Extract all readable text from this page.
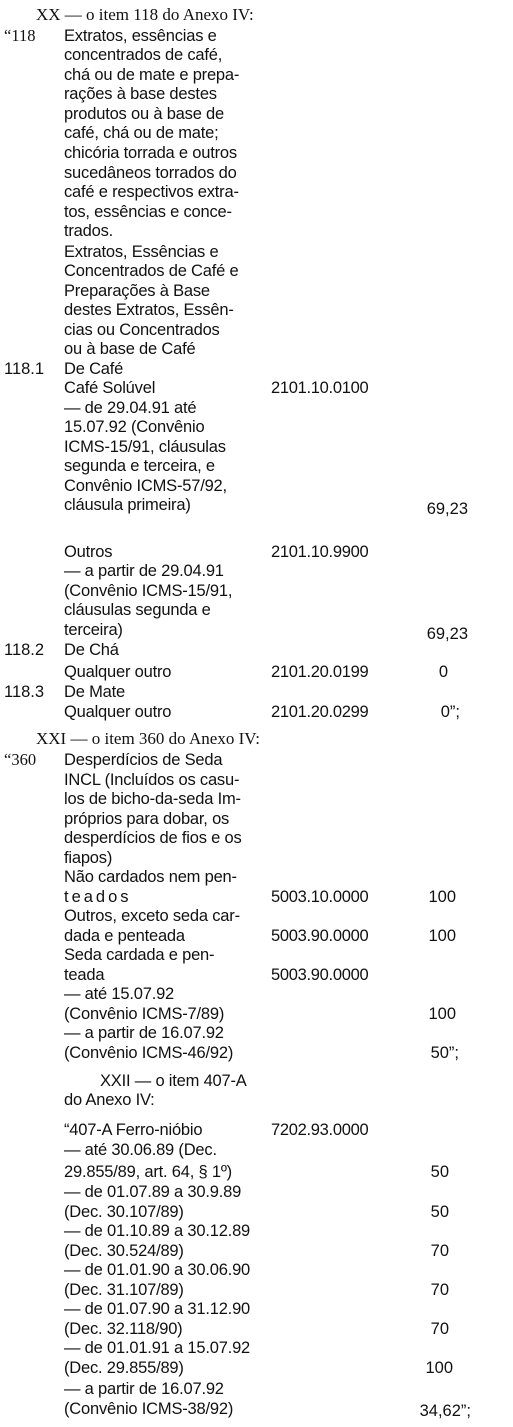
XX — o item 118 do Anexo IV:
“118 Extratos, essências e
concentrados de café,
chá ou de mate e prepa-
rações à base destes
produtos ou à base de
café, chá ou de mate;
chicória torrada e outros
sucedâneos torrados do
café e respectivos extra-
tos, essências e conce-
trados.
Extratos, Essências e
Concentrados de Café e
Preparações à Base
destes Extratos, Essên-
cias ou Concentrados
ou à base de Café
118.1 De Café
Café Solúvel	2101.10.0100
— de 29.04.91 até
15.07.92 (Convênio
ICMS-15/91, cláusulas
segunda e terceira, e
Convênio ICMS-57/92,
cláusula primeira)	69,23
Outros	2101.10.9900
— a partir de 29.04.91
(Convênio ICMS-15/91,
cláusulas segunda e
terceira)	69,23
118.2 De Chá
Qualquer outro	2101.20.0199	0
118.3 De Mate
Qualquer outro	2101.20.0299	0”;
XXI — o item 360 do Anexo IV:
“360 Desperdícios de Seda
INCL (Incluídos os casu-
los de bicho-da-seda Im-
próprios para dobar, os
desperdícios de fios e os
fiapos)
Não cardados nem pen-
teados	5003.10.0000	100
Outros, exceto seda car-
dada e penteada	5003.90.0000	100
Seda cardada e pen-
teada	5003.90.0000
— até 15.07.92
(Convênio ICMS-7/89)	100
— a partir de 16.07.92
(Convênio ICMS-46/92)	50”;
XXII — o item 407-A
do Anexo IV:
“407-A Ferro-nióbio	7202.93.0000
— até 30.06.89 (Dec.
29.855/89, art. 64, § 1º)	50
— de 01.07.89 a 30.9.89
(Dec. 30.107/89)	50
— de 01.10.89 a 30.12.89
(Dec. 30.524/89)	70
— de 01.01.90 a 30.06.90
(Dec. 31.107/89)	70
— de 01.07.90 a 31.12.90
(Dec. 32.118/90)	70
— de 01.01.91 a 15.07.92
(Dec. 29.855/89)	100
— a partir de 16.07.92
(Convênio ICMS-38/92)	34,62”;
